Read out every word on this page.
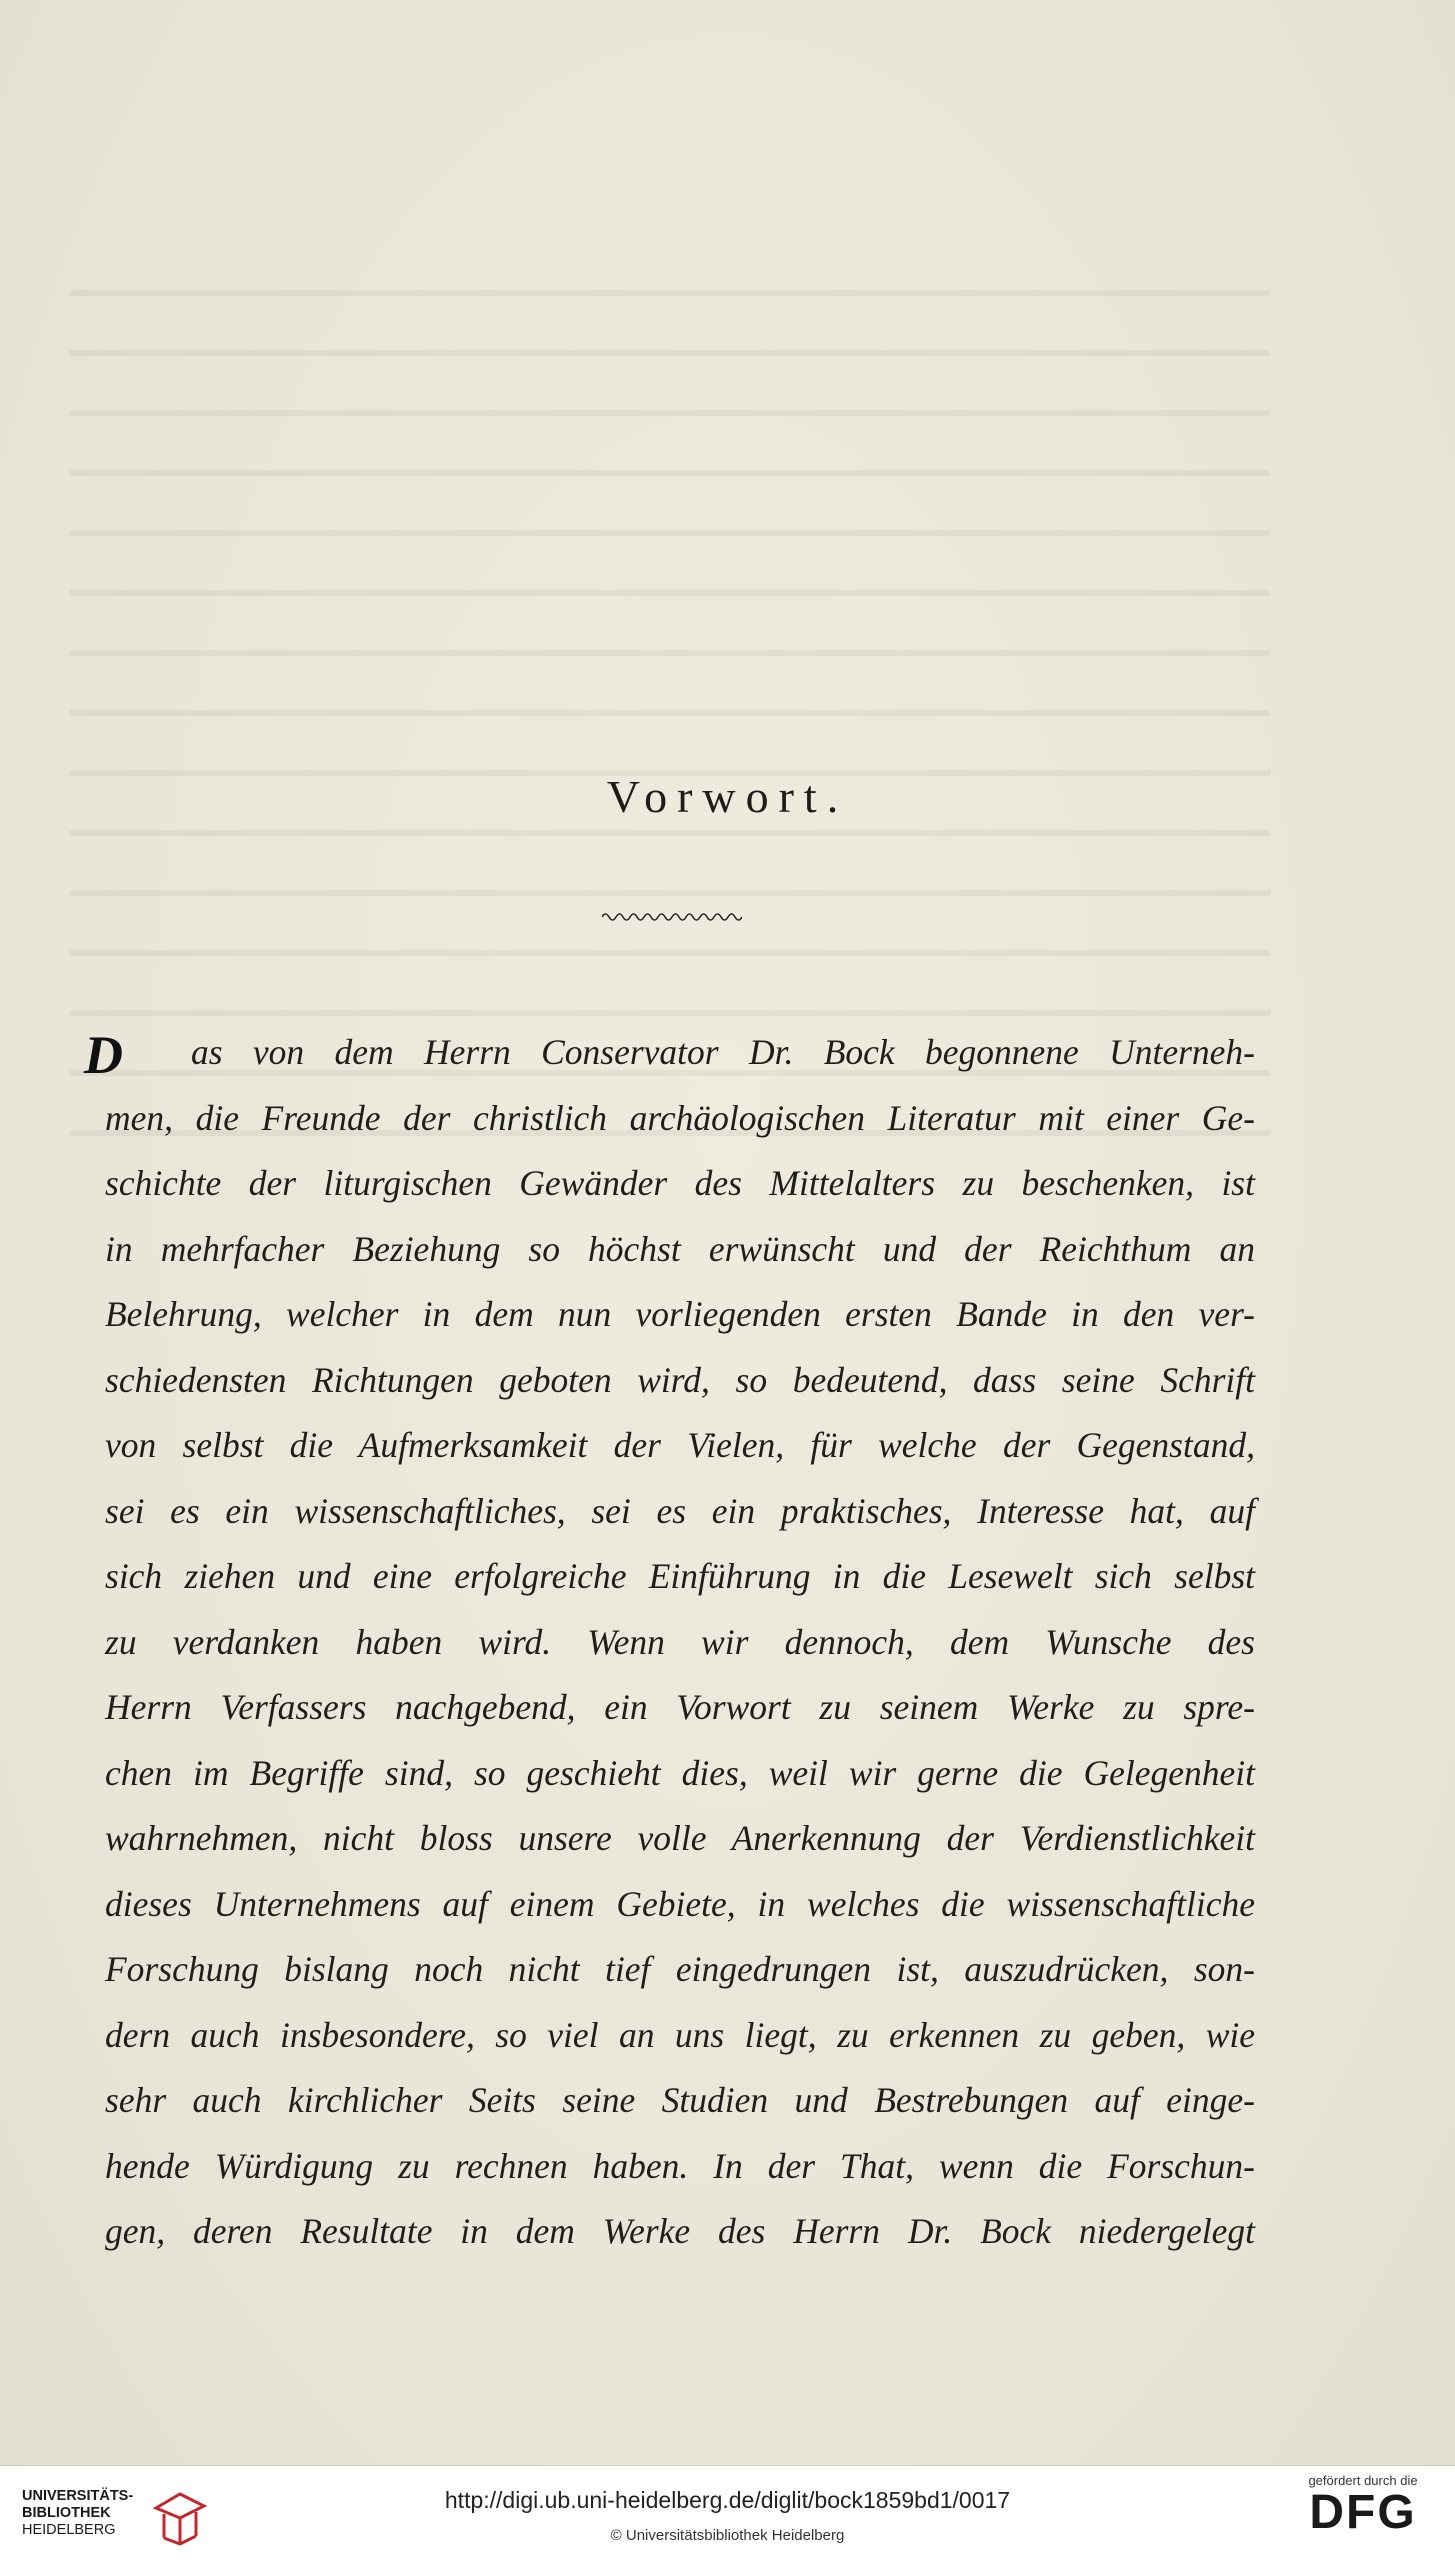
Vorwort.
D	as von dem Herrn Conservator Dr. Bock begonnene Unterneh-
men, die Freunde der christlich archäologischen Literatur mit einer Ge-
schichte der liturgischen Gewänder des Mittelalters zu beschenken, ist
in mehrfacher Beziehung so höchst erwünscht und der Reichthum an
Belehrung, welcher in dem nun vorliegenden ersten Bande in den ver-
schiedensten Richtungen geboten wird, so bedeutend, dass seine Schrift
von selbst die Aufmerksamkeit der Vielen, für welche der Gegenstand,
sei es ein wissenschaftliches, sei es ein praktisches, Interesse hat, auf
sich ziehen und eine erfolgreiche Einführung in die Lesewelt sich selbst
zu verdanken haben wird. Wenn wir dennoch, dem Wunsche des
Herrn Verfassers nachgebend, ein Vorwort zu seinem Werke zu spre-
chen im Begriffe sind, so geschieht dies, weil wir gerne die Gelegenheit
wahrnehmen, nicht bloss unsere volle Anerkennung der Verdienstlichkeit
dieses Unternehmens auf einem Gebiete, in welches die wissenschaftliche
Forschung bislang noch nicht tief eingedrungen ist, auszudrücken, son-
dern auch insbesondere, so viel an uns liegt, zu erkennen zu geben, wie
sehr auch kirchlicher Seits seine Studien und Bestrebungen auf einge-
hende Würdigung zu rechnen haben. In der That, wenn die Forschun-
gen, deren Resultate in dem Werke des Herrn Dr. Bock niedergelegt
UNIVERSITÄTS-
BIBLIOTHEK
HEIDELBERG
http://digi.ub.uni-heidelberg.de/diglit/bock1859bd1/0017
© Universitätsbibliothek Heidelberg
gefördert durch die
DFG
